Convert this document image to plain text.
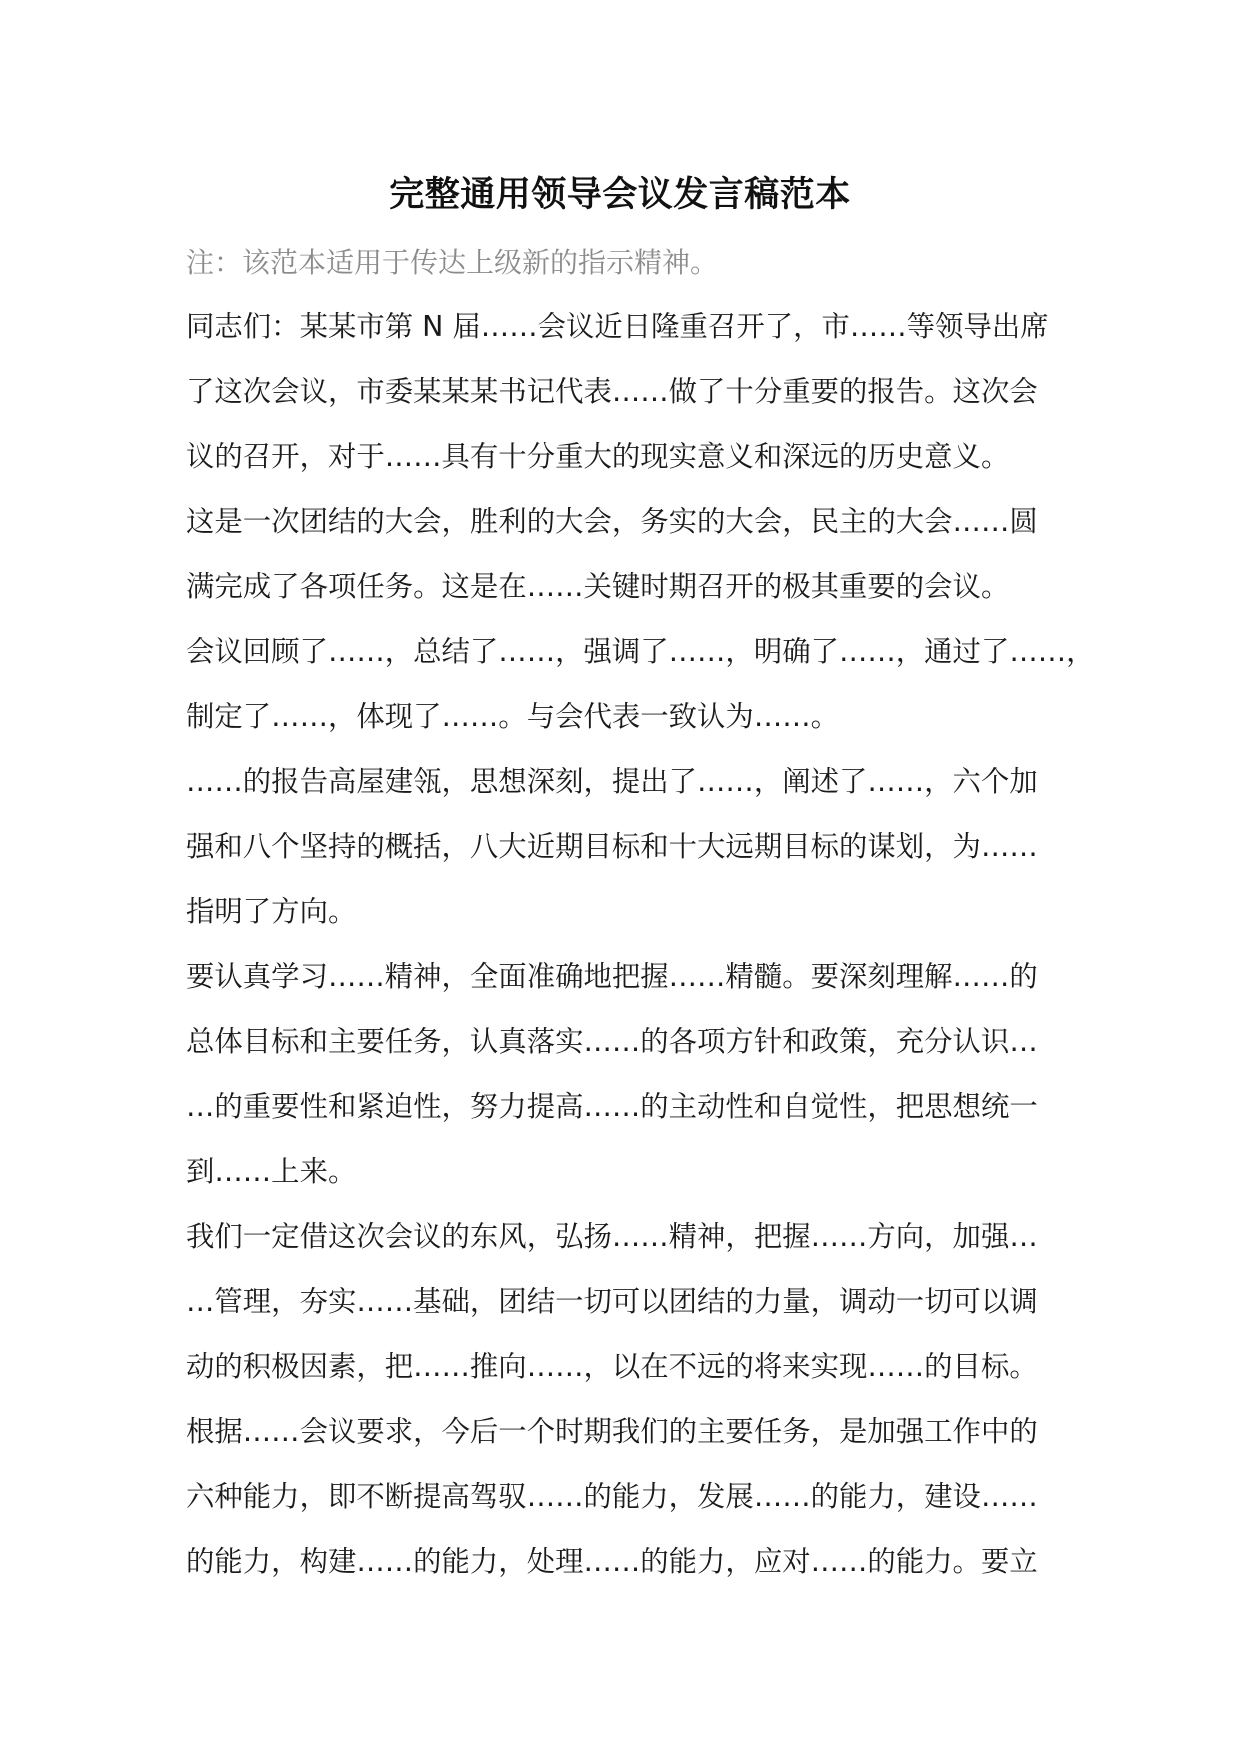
完整通用领导会议发言稿范本
注：该范本适用于传达上级新的指示精神。
同志们：某某市第 N 届……会议近日隆重召开了，市……等领导出席
了这次会议，市委某某某书记代表……做了十分重要的报告。这次会
议的召开，对于……具有十分重大的现实意义和深远的历史意义。
这是一次团结的大会，胜利的大会，务实的大会，民主的大会……圆
满完成了各项任务。这是在……关键时期召开的极其重要的会议。
会议回顾了……，总结了……，强调了……，明确了……，通过了……，
制定了……，体现了……。与会代表一致认为……。
……的报告高屋建瓴，思想深刻，提出了……，阐述了……，六个加
强和八个坚持的概括，八大近期目标和十大远期目标的谋划，为……
指明了方向。
要认真学习……精神，全面准确地把握……精髓。要深刻理解……的
总体目标和主要任务，认真落实……的各项方针和政策，充分认识…
…的重要性和紧迫性，努力提高……的主动性和自觉性，把思想统一
到……上来。
我们一定借这次会议的东风，弘扬……精神，把握……方向，加强…
…管理，夯实……基础，团结一切可以团结的力量，调动一切可以调
动的积极因素，把……推向……，以在不远的将来实现……的目标。
根据……会议要求，今后一个时期我们的主要任务，是加强工作中的
六种能力，即不断提高驾驭……的能力，发展……的能力，建设……
的能力，构建……的能力，处理……的能力，应对……的能力。要立
